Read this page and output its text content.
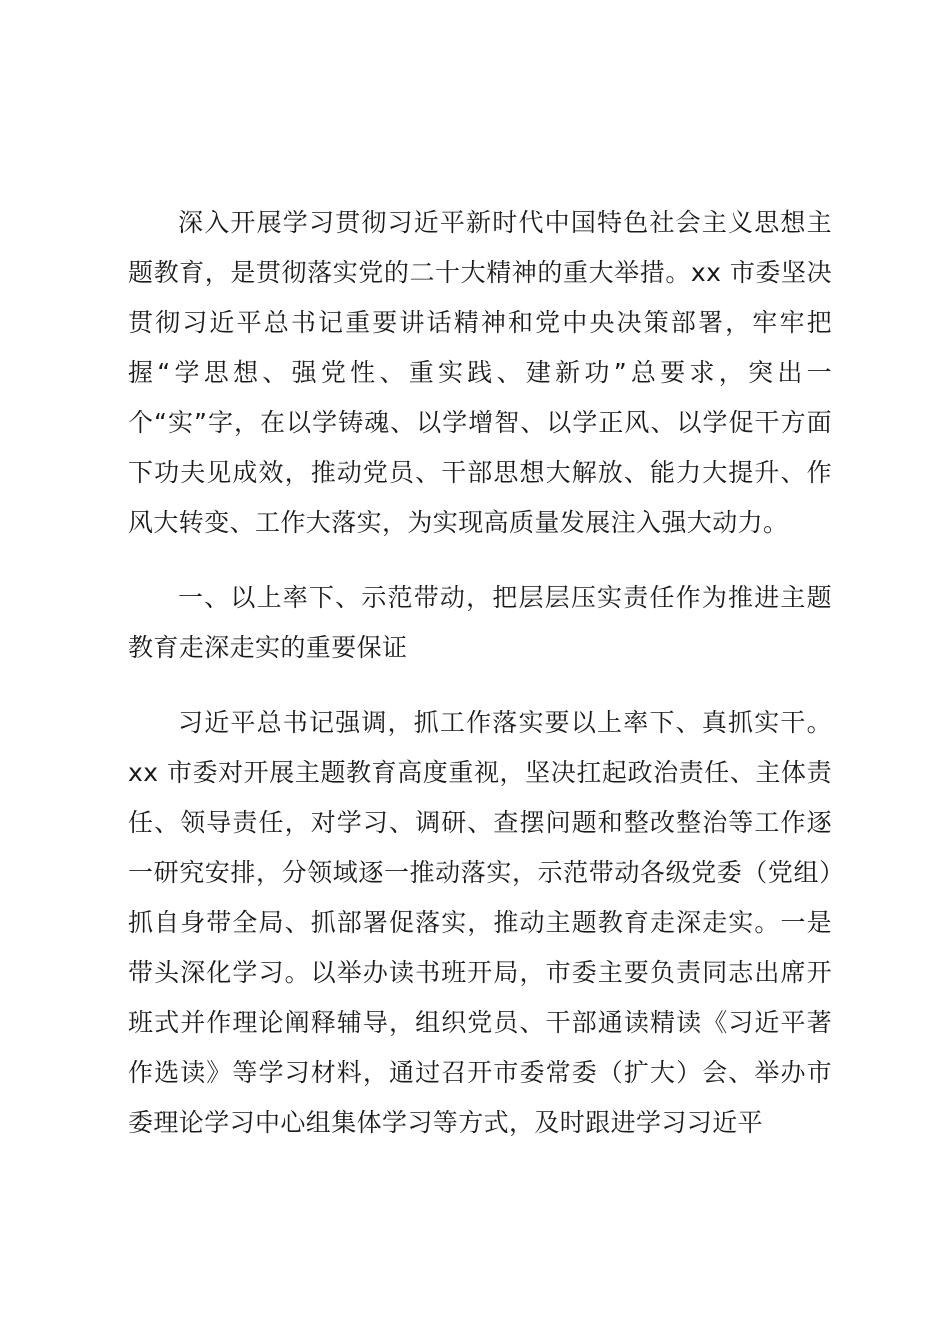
深入开展学习贯彻习近平新时代中国特色社会主义思想主题教育，是贯彻落实党的二十大精神的重大举措。xx 市委坚决贯彻习近平总书记重要讲话精神和党中央决策部署，牢牢把握“学思想、强党性、重实践、建新功”总要求，突出一个“实”字，在以学铸魂、以学增智、以学正风、以学促干方面下功夫见成效，推动党员、干部思想大解放、能力大提升、作风大转变、工作大落实，为实现高质量发展注入强大动力。

一、以上率下、示范带动，把层层压实责任作为推进主题教育走深走实的重要保证

习近平总书记强调，抓工作落实要以上率下、真抓实干。xx 市委对开展主题教育高度重视，坚决扛起政治责任、主体责任、领导责任，对学习、调研、查摆问题和整改整治等工作逐一研究安排，分领域逐一推动落实，示范带动各级党委（党组）抓自身带全局、抓部署促落实，推动主题教育走深走实。一是带头深化学习。以举办读书班开局，市委主要负责同志出席开班式并作理论阐释辅导，组织党员、干部通读精读《习近平著作选读》等学习材料，通过召开市委常委（扩大）会、举办市委理论学习中心组集体学习等方式，及时跟进学习习近平
